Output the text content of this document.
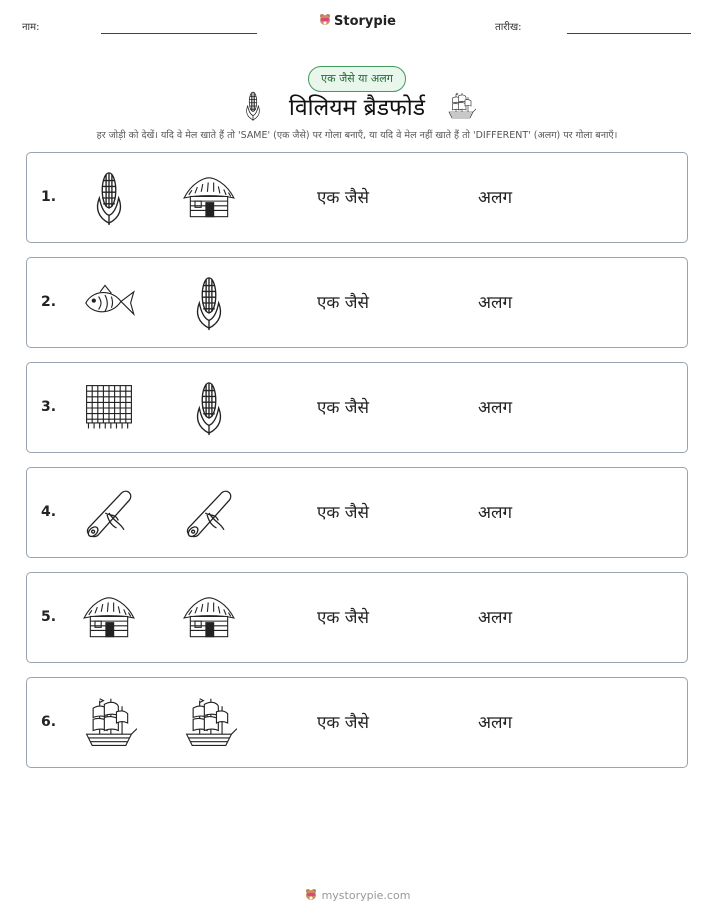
नाम:	Storypie	तारीख:
एक जैसे या अलग
विलियम ब्रैडफोर्ड
हर जोड़ी को देखें। यदि वे मेल खाते हैं तो 'SAME' (एक जैसे) पर गोला बनाएँ, या यदि वे मेल नहीं खाते हैं तो 'DIFFERENT' (अलग) पर गोला बनाएँ।
1.	एक जैसे	अलग
2.	एक जैसे	अलग
3.	एक जैसे	अलग
4.	एक जैसे	अलग
5.	एक जैसे	अलग
6.	एक जैसे	अलग
mystorypie.com
